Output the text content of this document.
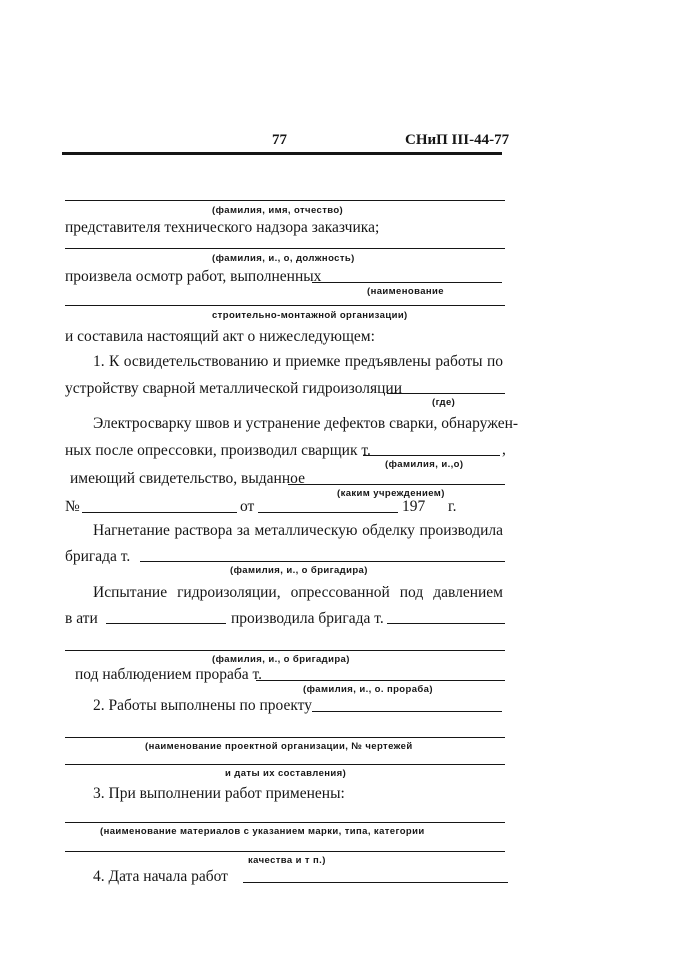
77	СНиП III-44-77
(фамилия, имя, отчество)
представителя технического надзора заказчика;
(фамилия, и., о, должность)
произвела осмотр работ, выполненных
(наименование
строительно-монтажной организации)
и составила настоящий акт о нижеследующем:
1. К освидетельствованию и приемке предъявлены работы по
устройству сварной металлической гидроизоляции
(где)
Электросварку швов и устранение дефектов сварки, обнаружен-
ных после опрессовки, производил сварщик т.	,
(фамилия, и.,о)
имеющий свидетельство, выданное
(каким учреждением)
№	от	197 г.
Нагнетание раствора за металлическую обделку производила
бригада т.
(фамилия, и., о бригадира)
Испытание гидроизоляции, опрессованной под давлением
в ати	производила бригада т.
(фамилия, и., о бригадира)
под наблюдением прораба т.
(фамилия, и., о. прораба)
2. Работы выполнены по проекту
(наименование проектной организации, № чертежей
и даты их составления)
3. При выполнении работ применены:
(наименование материалов с указанием марки, типа, категории
качества и т п.)
4. Дата начала работ
